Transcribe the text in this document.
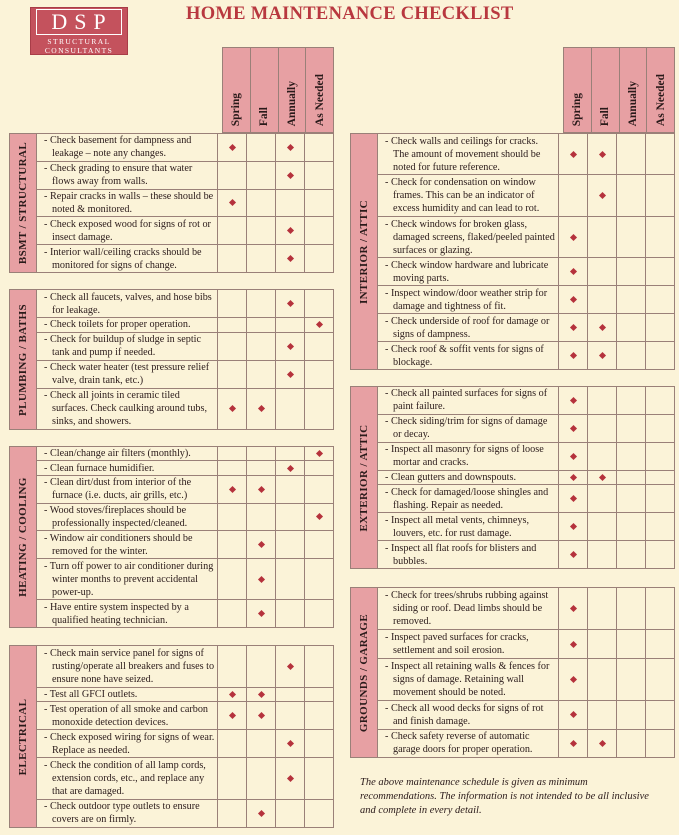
DSP
STRUCTURAL
CONSULTANTS
HOME MAINTENANCE CHECKLIST
Spring Fall Annually As Needed	Spring Fall Annually As Needed
BSMT / STRUCTURAL
- Check basement for dampness and leakage – note any changes.
- Check grading to ensure that water flows away from walls.
- Repair cracks in walls – these should be noted & monitored.
- Check exposed wood for signs of rot or insect damage.
- Interior wall/ceiling cracks should be monitored for signs of change.
PLUMBING / BATHS
- Check all faucets, valves, and hose bibs for leakage.
- Check toilets for proper operation.
- Check for buildup of sludge in septic tank and pump if needed.
- Check water heater (test pressure relief valve, drain tank, etc.)
- Check all joints in ceramic tiled surfaces. Check caulking around tubs, sinks, and showers.
HEATING / COOLING
- Clean/change air filters (monthly).
- Clean furnace humidifier.
- Clean dirt/dust from interior of the furnace (i.e. ducts, air grills, etc.)
- Wood stoves/fireplaces should be professionally inspected/cleaned.
- Window air conditioners should be removed for the winter.
- Turn off power to air conditioner during winter months to prevent accidental power-up.
- Have entire system inspected by a qualified heating technician.
ELECTRICAL
- Check main service panel for signs of rusting/operate all breakers and fuses to ensure none have seized.
- Test all GFCI outlets.
- Test operation of all smoke and carbon monoxide detection devices.
- Check exposed wiring for signs of wear. Replace as needed.
- Check the condition of all lamp cords, extension cords, etc., and replace any that are damaged.
- Check outdoor type outlets to ensure covers are on firmly.
INTERIOR / ATTIC
- Check walls and ceilings for cracks. The amount of movement should be noted for future reference.
- Check for condensation on window frames. This can be an indicator of excess humidity and can lead to rot.
- Check windows for broken glass, damaged screens, flaked/peeled painted surfaces or glazing.
- Check window hardware and lubricate moving parts.
- Inspect window/door weather strip for damage and tightness of fit.
- Check underside of roof for damage or signs of dampness.
- Check roof & soffit vents for signs of blockage.
EXTERIOR / ATTIC
- Check all painted surfaces for signs of paint failure.
- Check siding/trim for signs of damage or decay.
- Inspect all masonry for signs of loose mortar and cracks.
- Clean gutters and downspouts.
- Check for damaged/loose shingles and flashing. Repair as needed.
- Inspect all metal vents, chimneys, louvers, etc. for rust damage.
- Inspect all flat roofs for blisters and bubbles.
GROUNDS / GARAGE
- Check for trees/shrubs rubbing against siding or roof. Dead limbs should be removed.
- Inspect paved surfaces for cracks, settlement and soil erosion.
- Inspect all retaining walls & fences for signs of damage. Retaining wall movement should be noted.
- Check all wood decks for signs of rot and finish damage.
- Check safety reverse of automatic garage doors for proper operation.
The above maintenance schedule is given as minimum recommendations. The information is not intended to be all inclusive and complete in every detail.
